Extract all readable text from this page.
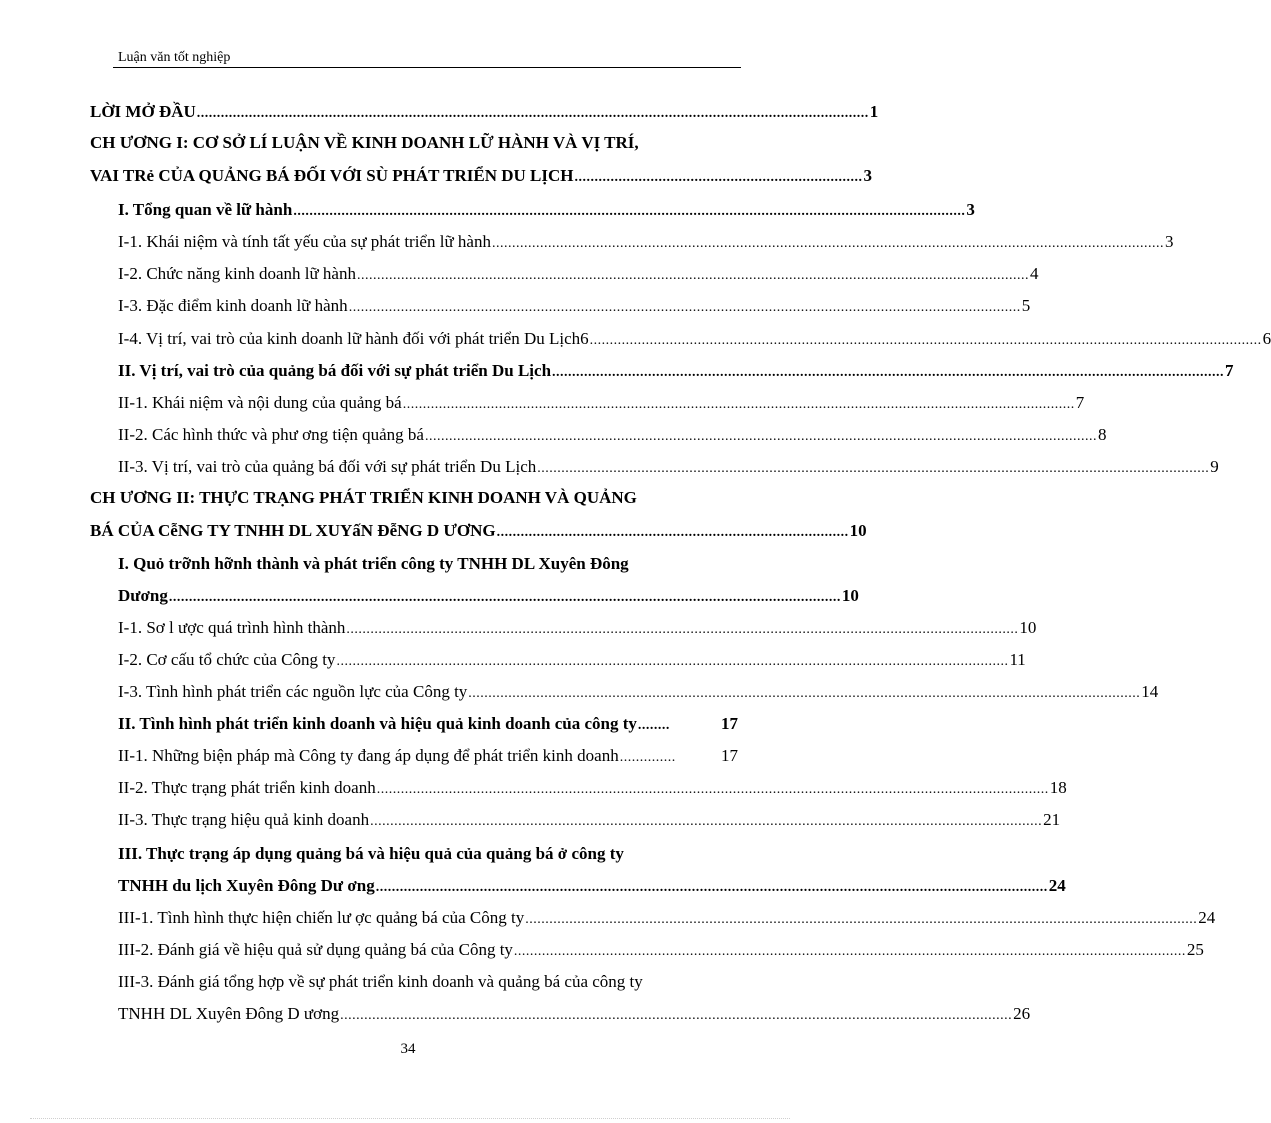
Luận văn tốt nghiệp
LỜI MỞ ĐẦU ........................................................................................................................................................................ 1
CH ƯƠNG I: CƠ SỞ LÍ LUẬN VỀ KINH DOANH LỮ HÀNH VÀ VỊ TRÍ,
VAI TRẻ CỦA QUẢNG BÁ ĐỐI VỚI SÙ PHÁT TRIỂN DU LỊCH ........................................................................ 3
I. Tổng quan về lữ hành ........................................................................................................................................................................ 3
I-1. Khái niệm và tính tất yếu của sự phát triển lữ hành ........................................................................................................................................................................ 3
I-2. Chức năng kinh doanh lữ hành ........................................................................................................................................................................ 4
I-3. Đặc điểm kinh doanh lữ hành ........................................................................................................................................................................ 5
I-4. Vị trí, vai trò của kinh doanh lữ hành đối với phát triển Du Lịch6 ........................................................................................................................................................................ 6
II. Vị trí, vai trò của quảng bá đối với sự phát triển Du Lịch ........................................................................................................................................................................ 7
II-1. Khái niệm và nội dung của quảng bá ........................................................................................................................................................................ 7
II-2. Các hình thức và phư ơng tiện quảng bá ........................................................................................................................................................................ 8
II-3. Vị trí, vai trò của quảng bá đối với sự phát triển Du Lịch ........................................................................................................................................................................ 9
CH ƯƠNG II: THỰC TRẠNG PHÁT TRIỂN KINH DOANH VÀ QUẢNG
BÁ CỦA CễNG TY TNHH DL XUYấN ĐễNG D ƯƠNG ........................................................................................ 10
I. Quỏ trỡnh hỡnh thành và phát triển công ty TNHH DL Xuyên Đông
Dương ........................................................................................................................................................................ 10
I-1. Sơ l ược quá trình hình thành ........................................................................................................................................................................ 10
I-2. Cơ cấu tổ chức của Công ty ........................................................................................................................................................................ 11
I-3. Tình hình phát triển các nguồn lực của Công ty ........................................................................................................................................................................ 14
II. Tình hình phát triển kinh doanh và hiệu quả kinh doanh của công ty ........	17
II-1. Những biện pháp mà Công ty đang áp dụng để phát triển kinh doanh ..............	17
II-2. Thực trạng phát triển kinh doanh ........................................................................................................................................................................ 18
II-3. Thực trạng hiệu quả kinh doanh ........................................................................................................................................................................ 21
III. Thực trạng áp dụng quảng bá và hiệu quả của quảng bá ở công ty
TNHH du lịch Xuyên Đông Dư ơng ........................................................................................................................................................................ 24
III-1. Tình hình thực hiện chiến lư ợc quảng bá của Công ty ........................................................................................................................................................................ 24
III-2. Đánh giá về hiệu quả sử dụng quảng bá của Công ty ........................................................................................................................................................................ 25
III-3. Đánh giá tổng hợp về sự phát triển kinh doanh và quảng bá của công ty
TNHH DL Xuyên Đông D ương ........................................................................................................................................................................ 26
34
